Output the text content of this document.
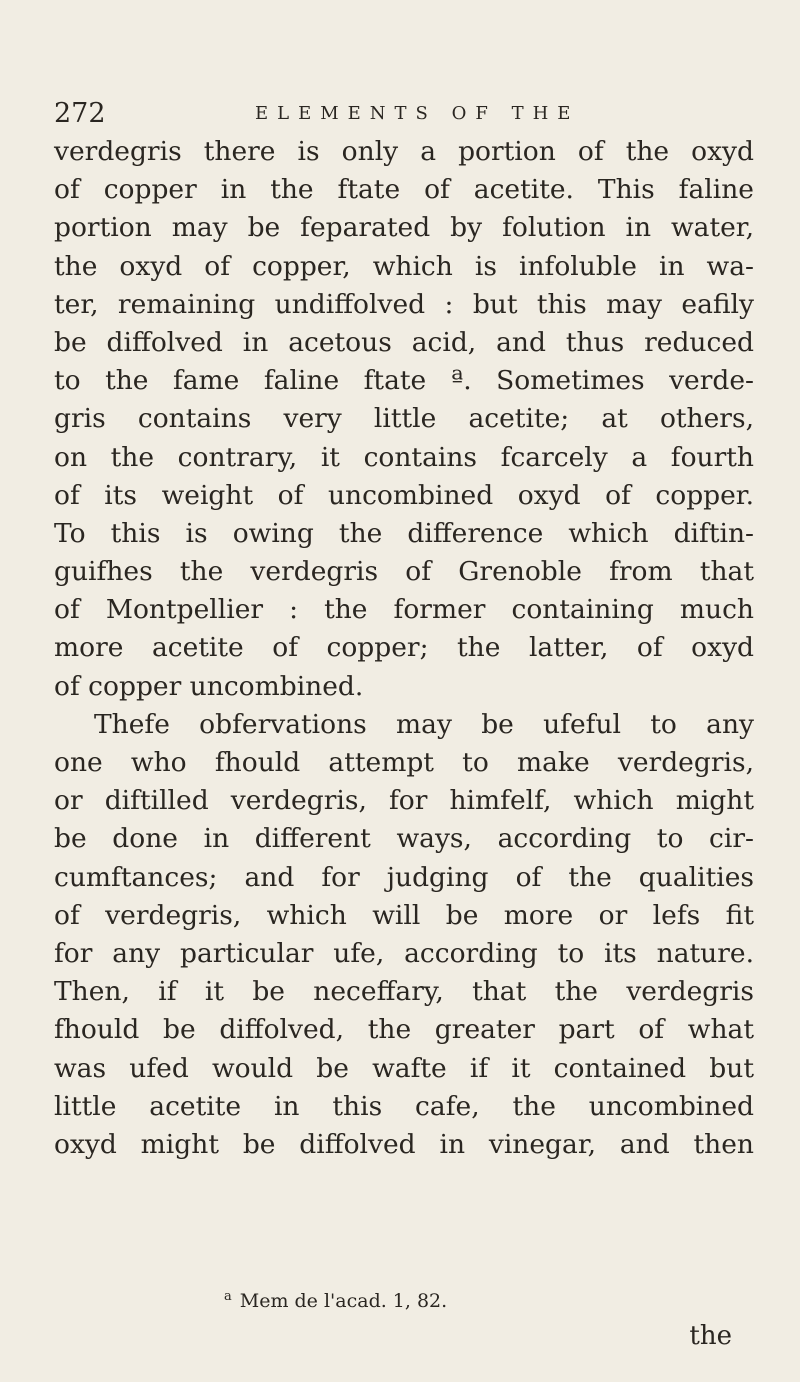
272	ELEMENTS OF THE
verdegris there is only a portion of the oxyd
of copper in the ftate of acetite. This faline
portion may be feparated by folution in water,
the oxyd of copper, which is infoluble in wa-
ter, remaining undiffolved : but this may eafily
be diffolved in acetous acid, and thus reduced
to the fame faline ftate ª. Sometimes verde-
gris contains very little acetite; at others,
on the contrary, it contains fcarcely a fourth
of its weight of uncombined oxyd of copper.
To this is owing the difference which diftin-
guifhes the verdegris of Grenoble from that
of Montpellier : the former containing much
more acetite of copper; the latter, of oxyd
of copper uncombined.
Thefe obfervations may be ufeful to any
one who fhould attempt to make verdegris,
or diftilled verdegris, for himfelf, which might
be done in different ways, according to cir-
cumftances; and for judging of the qualities
of verdegris, which will be more or lefs fit
for any particular ufe, according to its nature.
Then, if it be neceffary, that the verdegris
fhould be diffolved, the greater part of what
was ufed would be wafte if it contained but
little acetite in this cafe, the uncombined
oxyd might be diffolved in vinegar, and then
$^a$ Mem de l'acad. 1, 82.
the
